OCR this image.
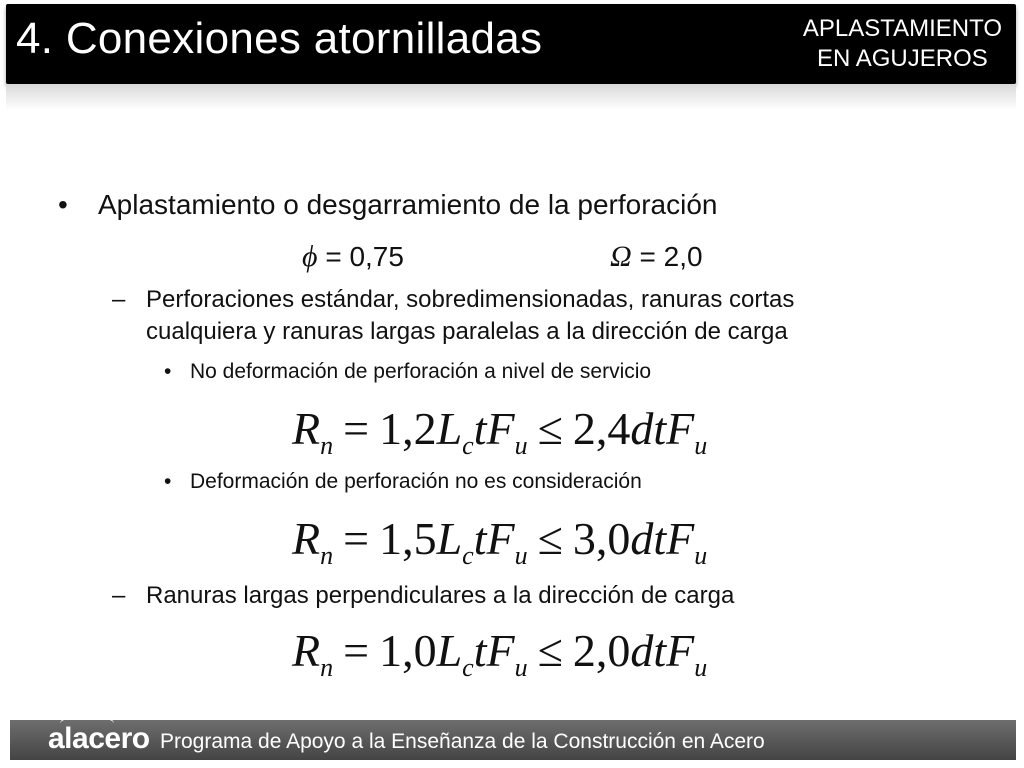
4. Conexiones atornilladas	APLASTAMIENTO
EN AGUJEROS
• Aplastamiento o desgarramiento de la perforación
ϕ = 0,75	Ω = 2,0
– Perforaciones estándar, sobredimensionadas, ranuras cortas
cualquiera y ranuras largas paralelas a la dirección de carga
• No deformación de perforación a nivel de servicio
$R_n = 1,2L_ctF_u \le 2,4dtF_u$
• Deformación de perforación no es consideración
$R_n = 1,5L_ctF_u \le 3,0dtF_u$
– Ranuras largas perpendiculares a la dirección de carga
$R_n = 1,0L_ctF_u \le 2,0dtF_u$
alacero Programa de Apoyo a la Enseñanza de la Construcción en Acero
